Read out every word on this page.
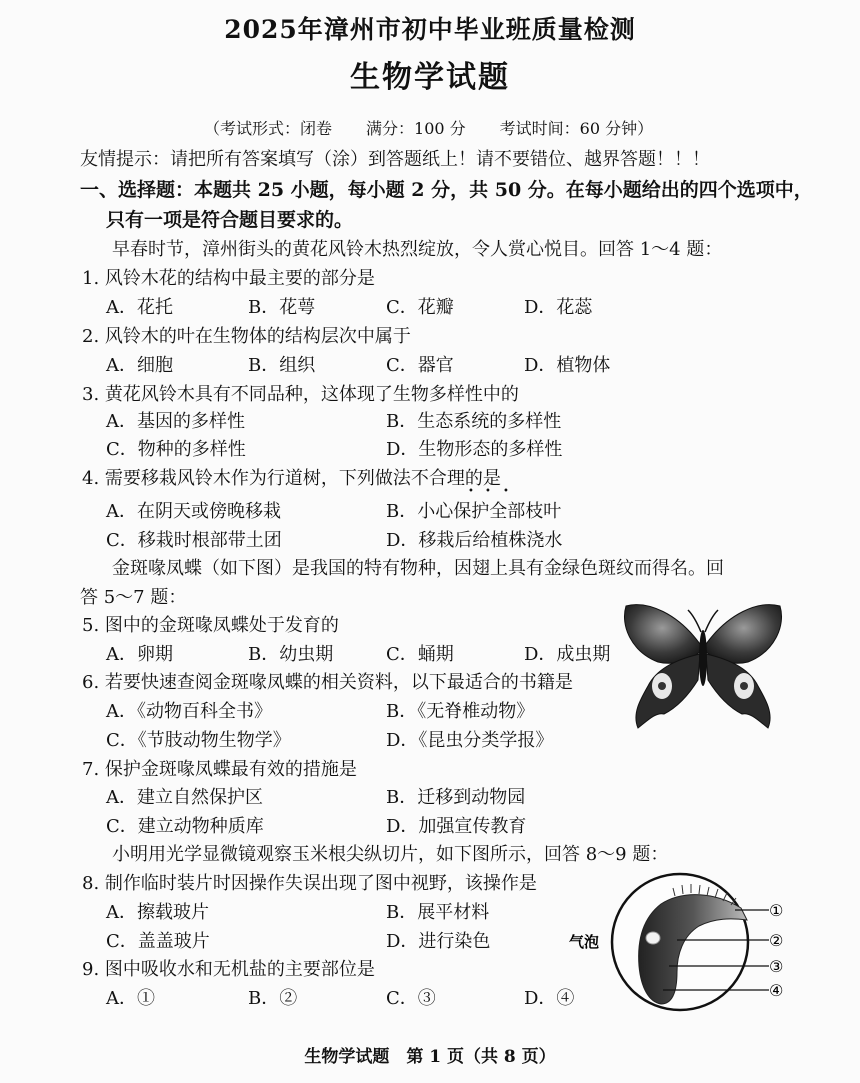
2025年漳州市初中毕业班质量检测
生物学试题
（考试形式：闭卷 满分：100 分 考试时间：60 分钟）
友情提示：请把所有答案填写（涂）到答题纸上！请不要错位、越界答题！！！
一、选择题：本题共 25 小题，每小题 2 分，共 50 分。在每小题给出的四个选项中，
只有一项是符合题目要求的。
早春时节，漳州街头的黄花风铃木热烈绽放，令人赏心悦目。回答 1～4 题：
1. 风铃木花的结构中最主要的部分是
A．花托	B．花萼	C．花瓣	D．花蕊
2. 风铃木的叶在生物体的结构层次中属于
A．细胞	B．组织	C．器官	D．植物体
3. 黄花风铃木具有不同品种，这体现了生物多样性中的
A．基因的多样性	B．生态系统的多样性
C．物种的多样性	D．生物形态的多样性
4. 需要移栽风铃木作为行道树，下列做法不合理的是
• • •
A．在阴天或傍晚移栽	B．小心保护全部枝叶
C．移栽时根部带土团	D．移栽后给植株浇水
金斑喙凤蝶（如下图）是我国的特有物种，因翅上具有金绿色斑纹而得名。回
答 5～7 题：
5. 图中的金斑喙凤蝶处于发育的
A．卵期	B．幼虫期	C．蛹期	D．成虫期
6. 若要快速查阅金斑喙凤蝶的相关资料，以下最适合的书籍是
A．《动物百科全书》	B．《无脊椎动物》
C．《节肢动物生物学》	D．《昆虫分类学报》
7. 保护金斑喙凤蝶最有效的措施是
A．建立自然保护区	B．迁移到动物园
C．建立动物种质库	D．加强宣传教育
小明用光学显微镜观察玉米根尖纵切片，如下图所示，回答 8～9 题：
8. 制作临时装片时因操作失误出现了图中视野，该操作是
A．擦载玻片	B．展平材料
C．盖盖玻片	D．进行染色
9. 图中吸收水和无机盐的主要部位是
A．①	B．②	C．③	D．④
气泡
①
②
③
④
生物学试题　第 1 页（共 8 页）
